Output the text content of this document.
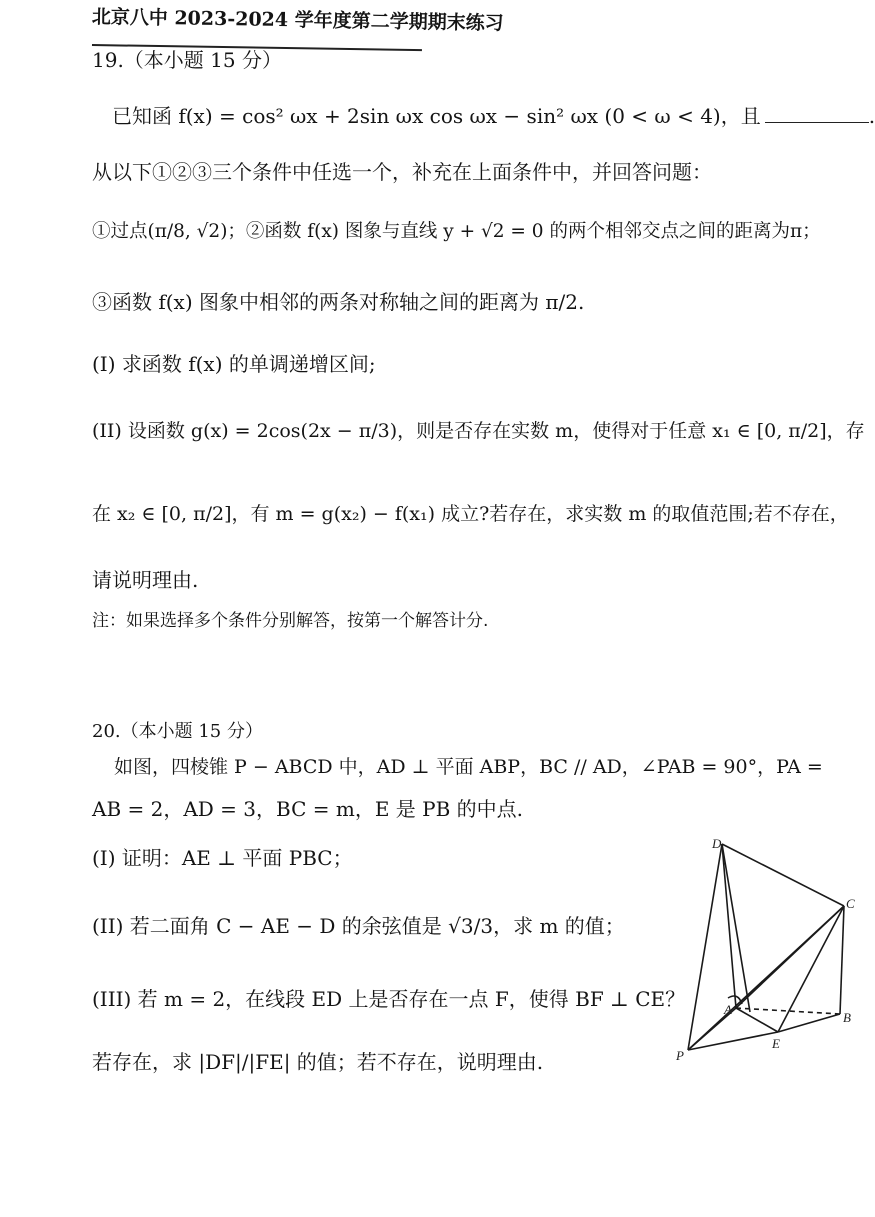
北京八中 2023-2024 学年度第二学期期末练习
19.（本小题 15 分）
已知函 f(x) = cos² ωx + 2sin ωx cos ωx − sin² ωx (0 < ω < 4)，且	.
从以下①②③三个条件中任选一个，补充在上面条件中，并回答问题：
①过点(π/8, √2)；②函数 f(x) 图象与直线 y + √2 = 0 的两个相邻交点之间的距离为π；
③函数 f(x) 图象中相邻的两条对称轴之间的距离为 π/2.
(I) 求函数 f(x) 的单调递增区间;
(II) 设函数 g(x) = 2cos(2x − π/3)，则是否存在实数 m，使得对于任意 x₁ ∈ [0, π/2]，存
在 x₂ ∈ [0, π/2]，有 m = g(x₂) − f(x₁) 成立?若存在，求实数 m 的取值范围;若不存在，
请说明理由.
注：如果选择多个条件分别解答，按第一个解答计分.
20.（本小题 15 分）
如图，四棱锥 P − ABCD 中，AD ⊥ 平面 ABP，BC // AD，∠PAB = 90°，PA =
AB = 2，AD = 3，BC = m，E 是 PB 的中点.
(I) 证明：AE ⊥ 平面 PBC；
(II) 若二面角 C − AE − D 的余弦值是 √3/3，求 m 的值；
(III) 若 m = 2，在线段 ED 上是否存在一点 F，使得 BF ⊥ CE？
若存在，求 |DF|/|FE| 的值；若不存在，说明理由.
D
C
A
B
E
P
